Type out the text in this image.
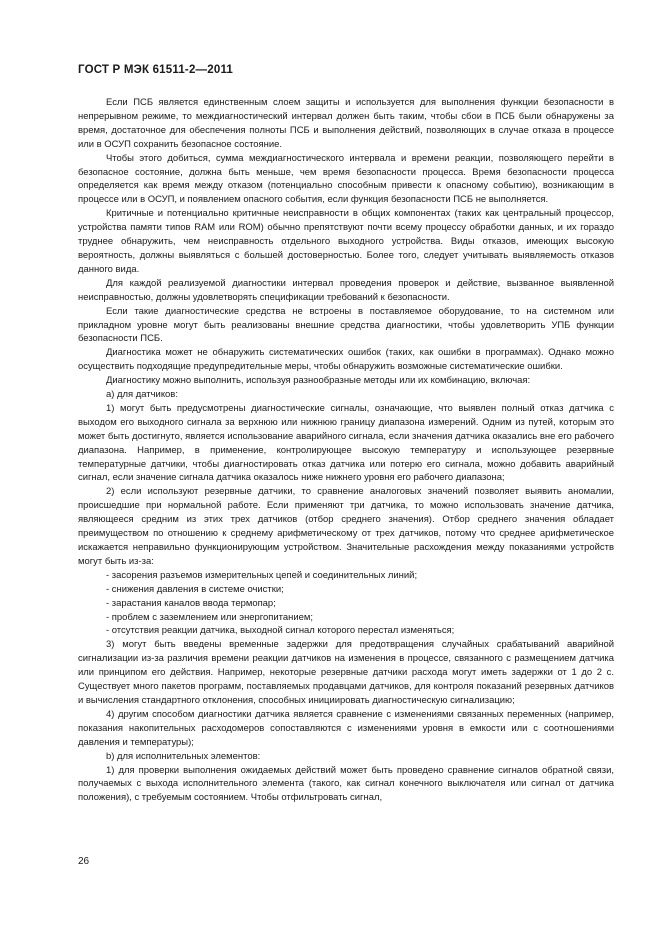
ГОСТ Р МЭК 61511-2—2011

Если ПСБ является единственным слоем защиты и используется для выполнения функции безопасности в непрерывном режиме, то междиагностический интервал должен быть таким, чтобы сбои в ПСБ были обнаружены за время, достаточное для обеспечения полноты ПСБ и выполнения действий, позволяющих в случае отказа в процессе или в ОСУП сохранить безопасное состояние.

Чтобы этого добиться, сумма междиагностического интервала и времени реакции, позволяющего перейти в безопасное состояние, должна быть меньше, чем время безопасности процесса. Время безопасности процесса определяется как время между отказом (потенциально способным привести к опасному событию), возникающим в процессе или в ОСУП, и появлением опасного события, если функция безопасности ПСБ не выполняется.

Критичные и потенциально критичные неисправности в общих компонентах (таких как центральный процессор, устройства памяти типов RAM или ROM) обычно препятствуют почти всему процессу обработки данных, и их гораздо труднее обнаружить, чем неисправность отдельного выходного устройства. Виды отказов, имеющих высокую вероятность, должны выявляться с большей достоверностью. Более того, следует учитывать выявляемость отказов данного вида.

Для каждой реализуемой диагностики интервал проведения проверок и действие, вызванное выявленной неисправностью, должны удовлетворять спецификации требований к безопасности.

Если такие диагностические средства не встроены в поставляемое оборудование, то на системном или прикладном уровне могут быть реализованы внешние средства диагностики, чтобы удовлетворить УПБ функции безопасности ПСБ.

Диагностика может не обнаружить систематических ошибок (таких, как ошибки в программах). Однако можно осуществить подходящие предупредительные меры, чтобы обнаружить возможные систематические ошибки.

Диагностику можно выполнить, используя разнообразные методы или их комбинацию, включая:

a) для датчиков:

1) могут быть предусмотрены диагностические сигналы, означающие, что выявлен полный отказ датчика с выходом его выходного сигнала за верхнюю или нижнюю границу диапазона измерений. Одним из путей, которым это может быть достигнуто, является использование аварийного сигнала, если значения датчика оказались вне его рабочего диапазона. Например, в применение, контролирующее высокую температуру и использующее резервные температурные датчики, чтобы диагностировать отказ датчика или потерю его сигнала, можно добавить аварийный сигнал, если значение сигнала датчика оказалось ниже нижнего уровня его рабочего диапазона;

2) если используют резервные датчики, то сравнение аналоговых значений позволяет выявить аномалии, происшедшие при нормальной работе. Если применяют три датчика, то можно использовать значение датчика, являющееся средним из этих трех датчиков (отбор среднего значения). Отбор среднего значения обладает преимуществом по отношению к среднему арифметическому от трех датчиков, потому что среднее арифметическое искажается неправильно функционирующим устройством. Значительные расхождения между показаниями устройств могут быть из-за:

- засорения разъемов измерительных цепей и соединительных линий;

- снижения давления в системе очистки;

- зарастания каналов ввода термопар;

- проблем с заземлением или энергопитанием;

- отсутствия реакции датчика, выходной сигнал которого перестал изменяться;

3) могут быть введены временные задержки для предотвращения случайных срабатываний аварийной сигнализации из-за различия времени реакции датчиков на изменения в процессе, связанного с размещением датчика или принципом его действия. Например, некоторые резервные датчики расхода могут иметь задержки от 1 до 2 с. Существует много пакетов программ, поставляемых продавцами датчиков, для контроля показаний резервных датчиков и вычисления стандартного отклонения, способных инициировать диагностическую сигнализацию;

4) другим способом диагностики датчика является сравнение с изменениями связанных переменных (например, показания накопительных расходомеров сопоставляются с изменениями уровня в емкости или с соотношениями давления и температуры);

b) для исполнительных элементов:

1) для проверки выполнения ожидаемых действий может быть проведено сравнение сигналов обратной связи, получаемых с выхода исполнительного элемента (такого, как сигнал конечного выключателя или сигнал от датчика положения), с требуемым состоянием. Чтобы отфильтровать сигнал,

26
